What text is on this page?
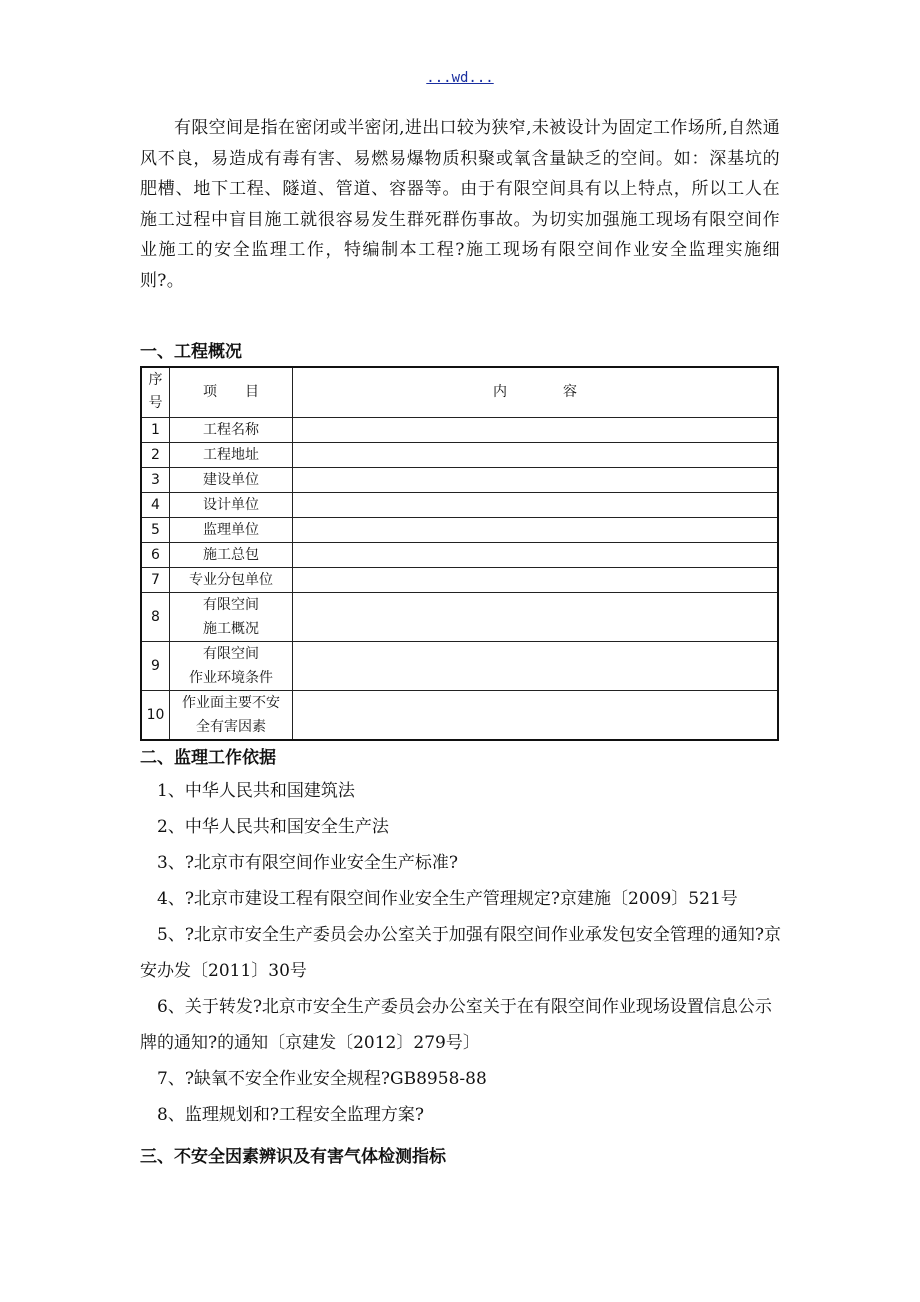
...wd...

有限空间是指在密闭或半密闭,进出口较为狭窄,未被设计为固定工作场所,自然通风不良，易造成有毒有害、易燃易爆物质积聚或氧含量缺乏的空间。如：深基坑的肥槽、地下工程、隧道、管道、容器等。由于有限空间具有以上特点，所以工人在施工过程中盲目施工就很容易发生群死群伤事故。为切实加强施工现场有限空间作业施工的安全监理工作，特编制本工程?施工现场有限空间作业安全监理实施细则?。

一、工程概况
序号	项　　目	内　　　　容
1	工程名称	
2	工程地址	
3	建设单位	
4	设计单位	
5	监理单位	
6	施工总包	
7	专业分包单位	
8	有限空间
施工概况	

9	有限空间
作业环境条件	

10	作业面主要不安
全有害因素	

二、监理工作依据
1、中华人民共和国建筑法
2、中华人民共和国安全生产法
3、?北京市有限空间作业安全生产标准?
4、?北京市建设工程有限空间作业安全生产管理规定?京建施〔2009〕521号
5、?北京市安全生产委员会办公室关于加强有限空间作业承发包安全管理的通知?京安办发〔2011〕30号
6、关于转发?北京市安全生产委员会办公室关于在有限空间作业现场设置信息公示牌的通知?的通知〔京建发〔2012〕279号〕
7、?缺氧不安全作业安全规程?GB8958-88
8、监理规划和?工程安全监理方案?
三、不安全因素辨识及有害气体检测指标
